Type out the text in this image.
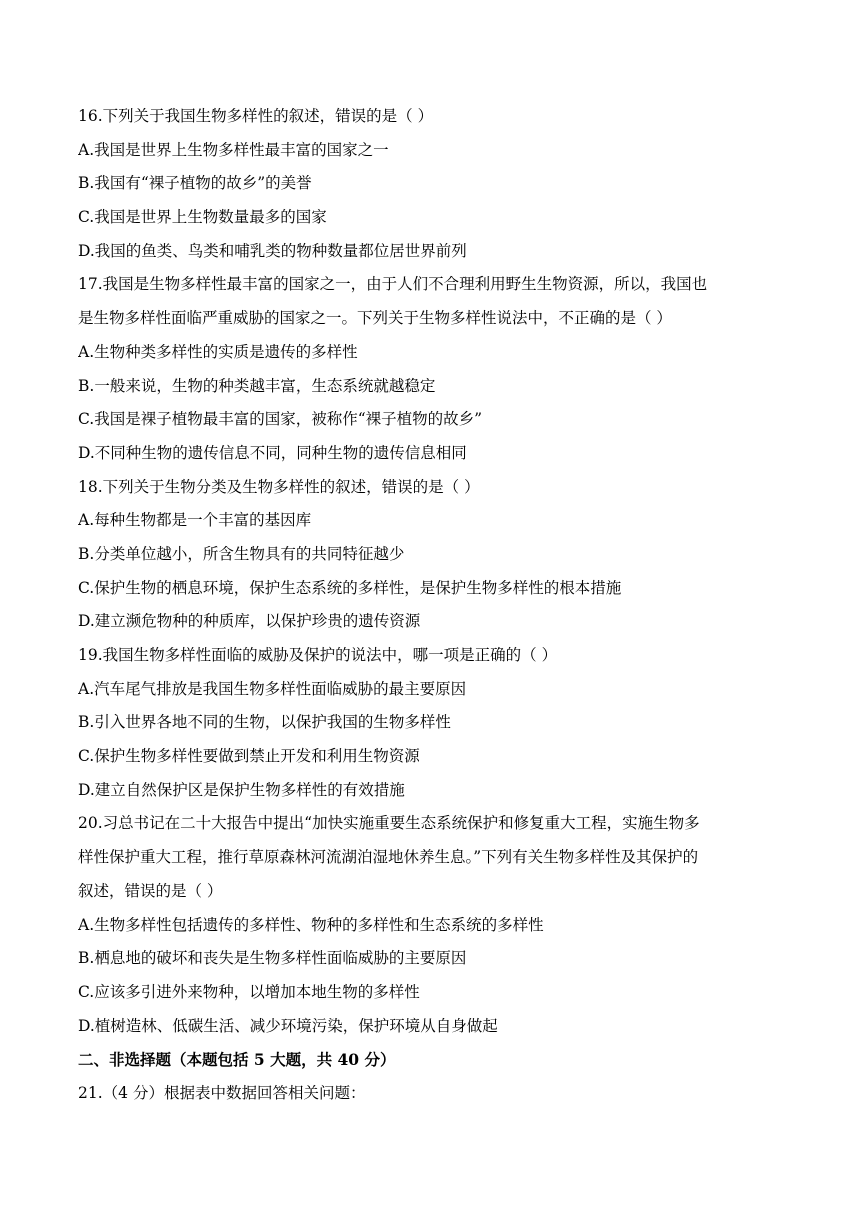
16.下列关于我国生物多样性的叙述，错误的是（ ）
A.我国是世界上生物多样性最丰富的国家之一
B.我国有“裸子植物的故乡”的美誉
C.我国是世界上生物数量最多的国家
D.我国的鱼类、鸟类和哺乳类的物种数量都位居世界前列
17.我国是生物多样性最丰富的国家之一，由于人们不合理利用野生生物资源，所以，我国也
是生物多样性面临严重威胁的国家之一。下列关于生物多样性说法中，不正确的是（ ）
A.生物种类多样性的实质是遗传的多样性
B.一般来说，生物的种类越丰富，生态系统就越稳定
C.我国是裸子植物最丰富的国家，被称作“裸子植物的故乡”
D.不同种生物的遗传信息不同，同种生物的遗传信息相同
18.下列关于生物分类及生物多样性的叙述，错误的是（ ）
A.每种生物都是一个丰富的基因库
B.分类单位越小，所含生物具有的共同特征越少
C.保护生物的栖息环境，保护生态系统的多样性，是保护生物多样性的根本措施
D.建立濒危物种的种质库，以保护珍贵的遗传资源
19.我国生物多样性面临的威胁及保护的说法中，哪一项是正确的（ ）
A.汽车尾气排放是我国生物多样性面临威胁的最主要原因
B.引入世界各地不同的生物，以保护我国的生物多样性
C.保护生物多样性要做到禁止开发和利用生物资源
D.建立自然保护区是保护生物多样性的有效措施
20.习总书记在二十大报告中提出“加快实施重要生态系统保护和修复重大工程，实施生物多
样性保护重大工程，推行草原森林河流湖泊湿地休养生息。”下列有关生物多样性及其保护的
叙述，错误的是（ ）
A.生物多样性包括遗传的多样性、物种的多样性和生态系统的多样性
B.栖息地的破坏和丧失是生物多样性面临威胁的主要原因
C.应该多引进外来物种，以增加本地生物的多样性
D.植树造林、低碳生活、减少环境污染，保护环境从自身做起
二、非选择题（本题包括 5 大题，共 40 分）
21.（4 分）根据表中数据回答相关问题：
